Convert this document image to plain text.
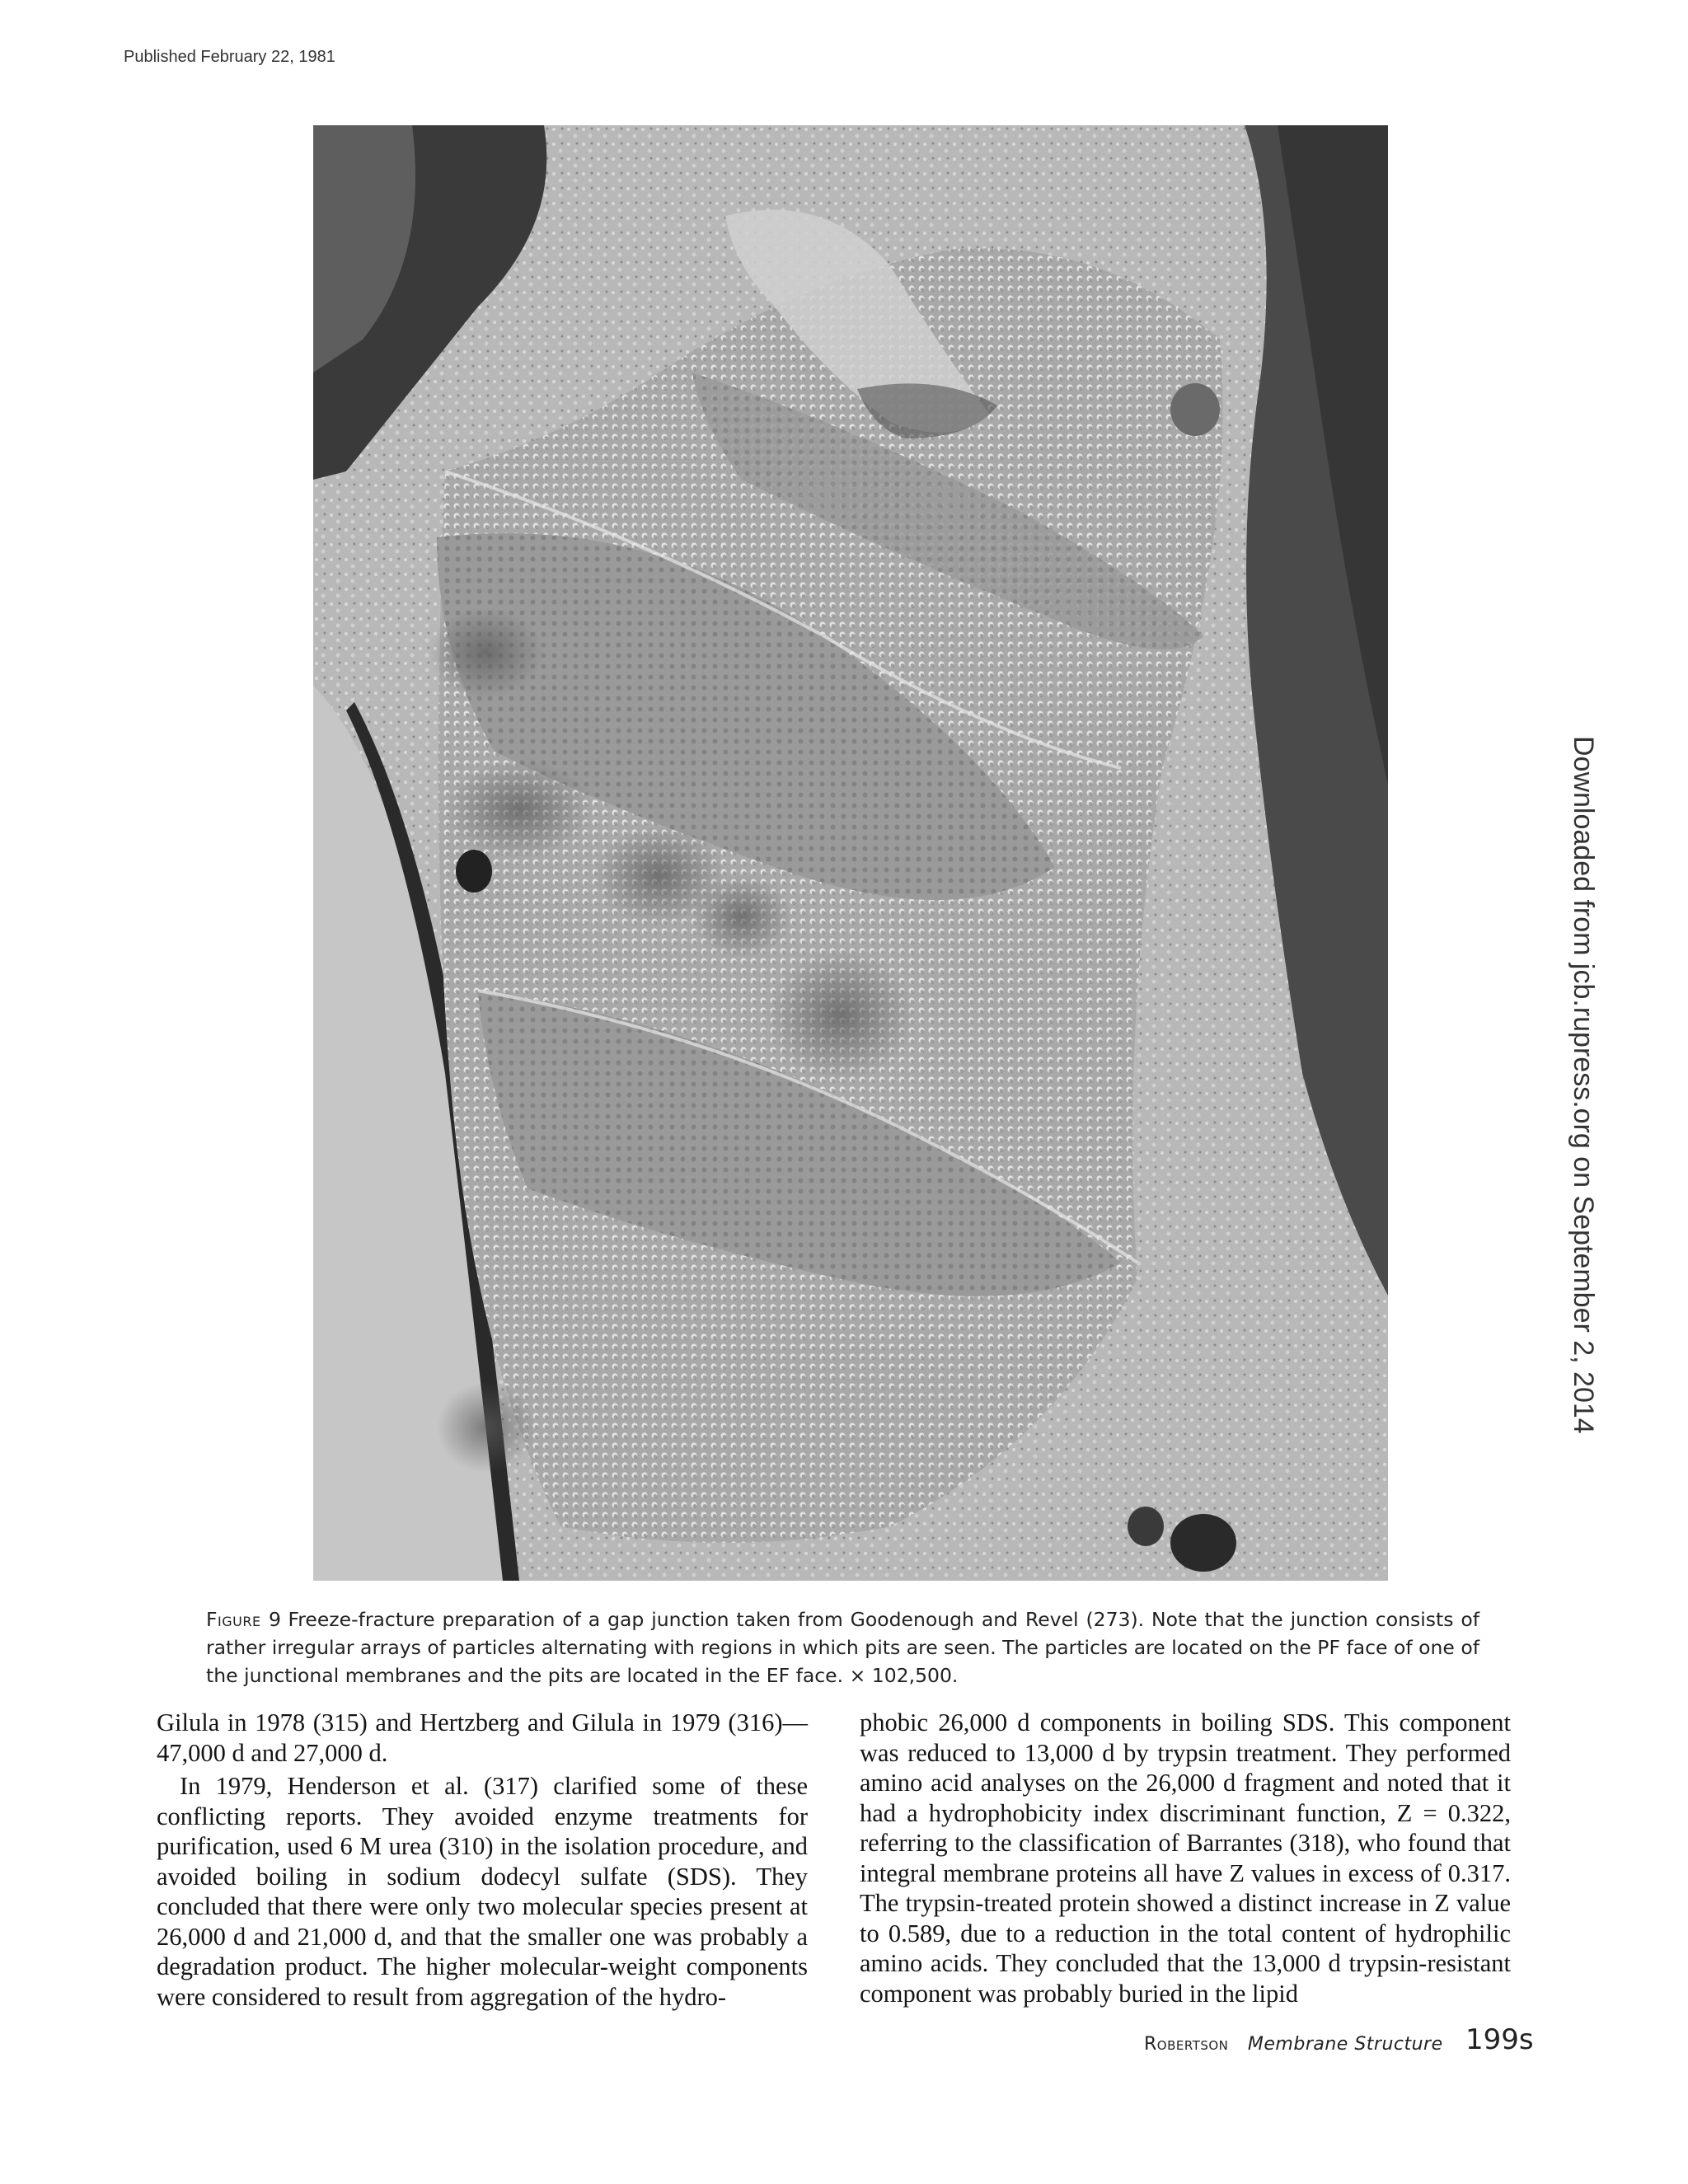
Published February 22, 1981
Downloaded from jcb.rupress.org on September 2, 2014
Figure 9 Freeze-fracture preparation of a gap junction taken from Goodenough and Revel (273). Note that the junction consists of rather irregular arrays of particles alternating with regions in which pits are seen. The particles are located on the PF face of one of the junctional membranes and the pits are located in the EF face. × 102,500.

Gilula in 1978 (315) and Hertzberg and Gilula in 1979 (316)—47,000 d and 27,000 d.

In 1979, Henderson et al. (317) clarified some of these conflicting reports. They avoided enzyme treatments for purification, used 6 M urea (310) in the isolation procedure, and avoided boiling in sodium dodecyl sulfate (SDS). They concluded that there were only two molecular species present at 26,000 d and 21,000 d, and that the smaller one was probably a degradation product. The higher molecular-weight components were considered to result from aggregation of the hydro-

phobic 26,000 d components in boiling SDS. This component was reduced to 13,000 d by trypsin treatment. They performed amino acid analyses on the 26,000 d fragment and noted that it had a hydrophobicity index discriminant function, Z = 0.322, referring to the classification of Barrantes (318), who found that integral membrane proteins all have Z values in excess of 0.317. The trypsin-treated protein showed a distinct increase in Z value to 0.589, due to a reduction in the total content of hydrophilic amino acids. They concluded that the 13,000 d trypsin-resistant component was probably buried in the lipid

Robertson Membrane Structure 199s
